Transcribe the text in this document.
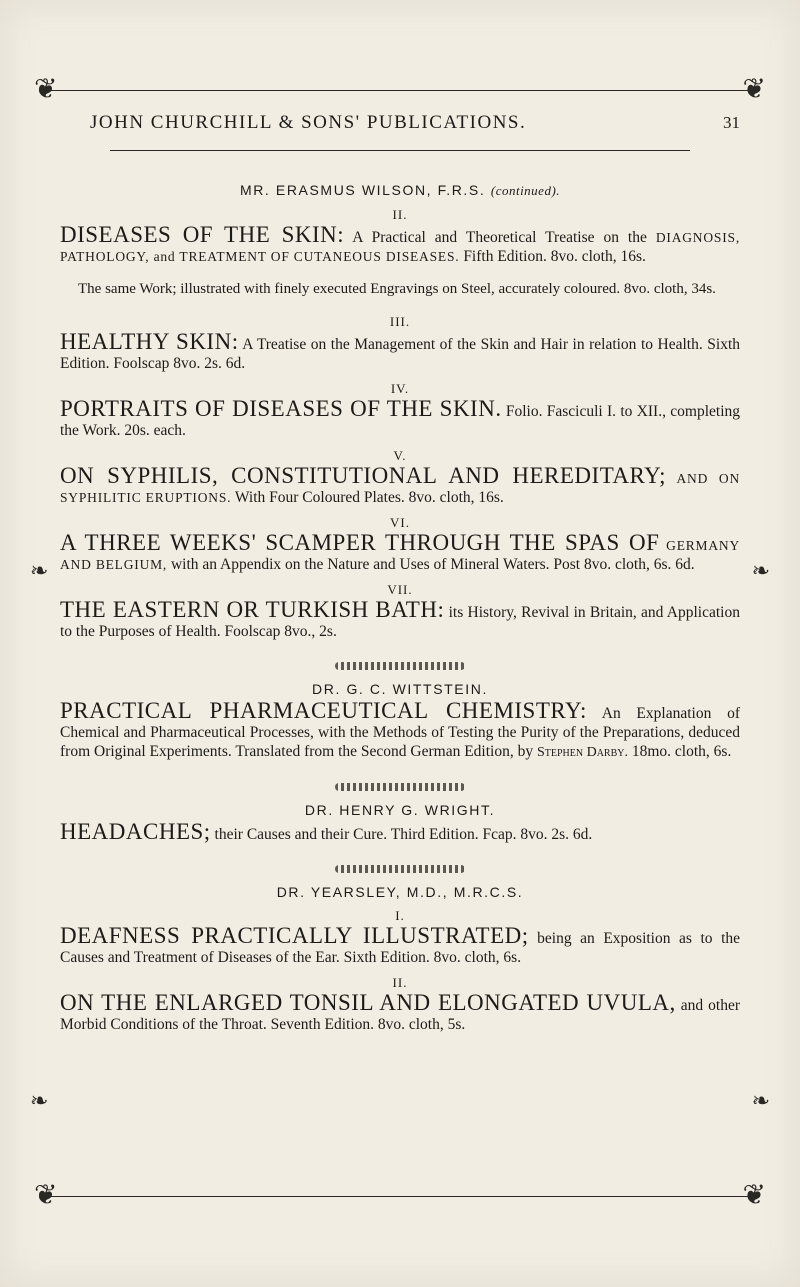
❦	❦
JOHN CHURCHILL & SONS' PUBLICATIONS.	31
❧	❧
❧	❧
MR. ERASMUS WILSON, F.R.S. (continued).
II.

DISEASES OF THE SKIN: A Practical and Theoretical Treatise on the DIAGNOSIS, PATHOLOGY, and TREATMENT OF CUTANEOUS DISEASES. Fifth Edition. 8vo. cloth, 16s.

The same Work; illustrated with finely executed Engravings on Steel, accurately coloured. 8vo. cloth, 34s.

III.

HEALTHY SKIN: A Treatise on the Management of the Skin and Hair in relation to Health. Sixth Edition. Foolscap 8vo. 2s. 6d.

IV.

PORTRAITS OF DISEASES OF THE SKIN. Folio. Fasciculi I. to XII., completing the Work. 20s. each.

V.

ON SYPHILIS, CONSTITUTIONAL AND HEREDITARY; AND ON SYPHILITIC ERUPTIONS. With Four Coloured Plates. 8vo. cloth, 16s.

VI.

A THREE WEEKS' SCAMPER THROUGH THE SPAS OF GERMANY AND BELGIUM, with an Appendix on the Nature and Uses of Mineral Waters. Post 8vo. cloth, 6s. 6d.

VII.

THE EASTERN OR TURKISH BATH: its History, Revival in Britain, and Application to the Purposes of Health. Foolscap 8vo., 2s.

DR. G. C. WITTSTEIN.

PRACTICAL PHARMACEUTICAL CHEMISTRY: An Explanation of Chemical and Pharmaceutical Processes, with the Methods of Testing the Purity of the Preparations, deduced from Original Experiments. Translated from the Second German Edition, by Stephen Darby. 18mo. cloth, 6s.

DR. HENRY G. WRIGHT.

HEADACHES; their Causes and their Cure. Third Edition. Fcap. 8vo. 2s. 6d.

DR. YEARSLEY, M.D., M.R.C.S.
I.

DEAFNESS PRACTICALLY ILLUSTRATED; being an Exposition as to the Causes and Treatment of Diseases of the Ear. Sixth Edition. 8vo. cloth, 6s.

II.

ON THE ENLARGED TONSIL AND ELONGATED UVULA, and other Morbid Conditions of the Throat. Seventh Edition. 8vo. cloth, 5s.

❦	❦
